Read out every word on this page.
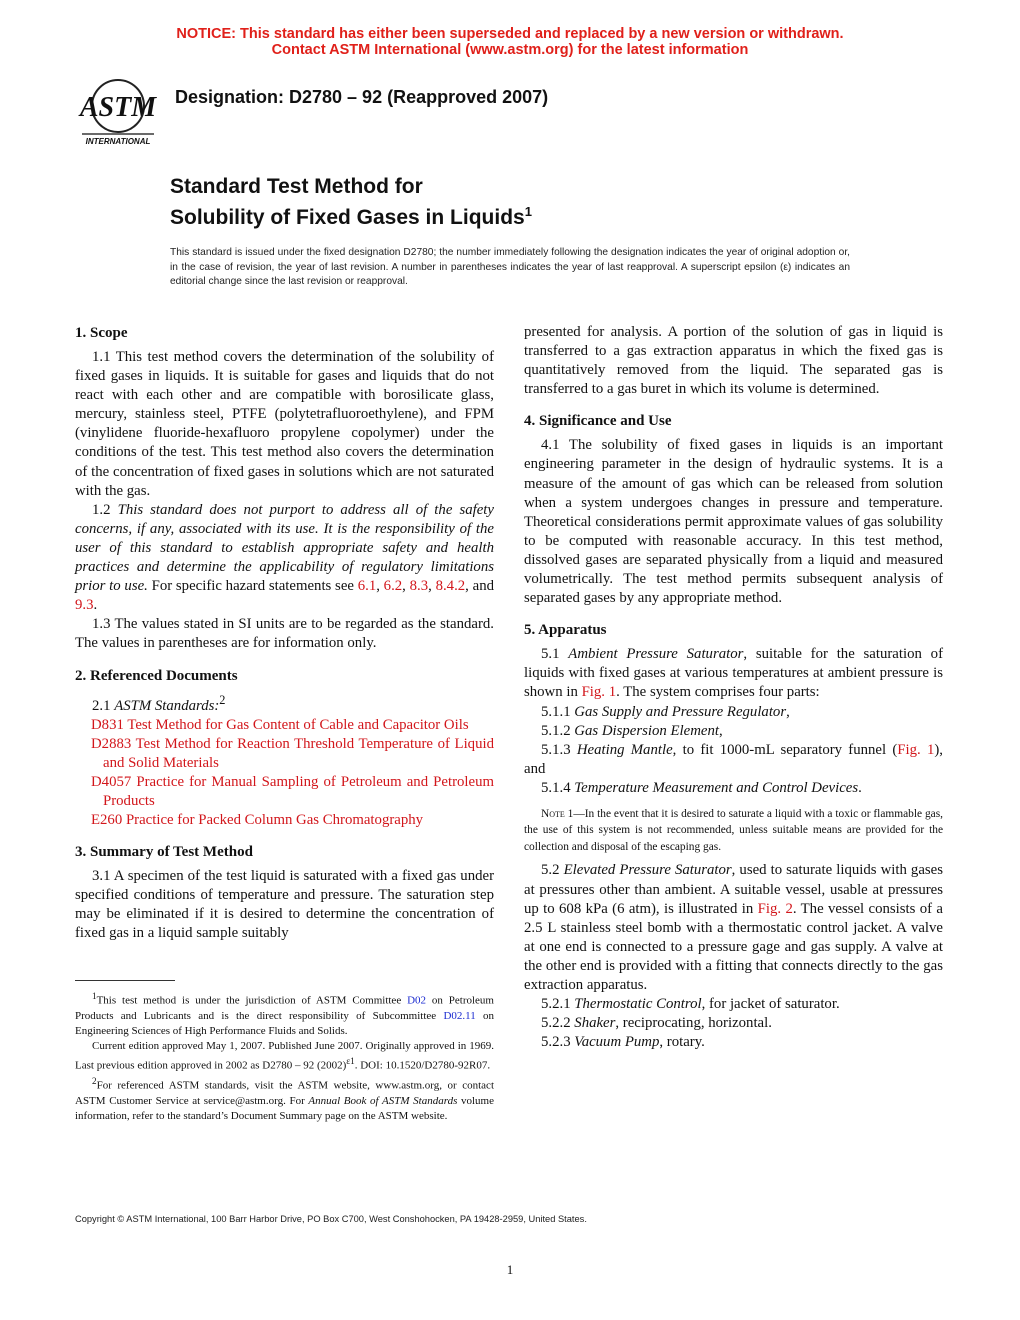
NOTICE: This standard has either been superseded and replaced by a new version or withdrawn.
Contact ASTM International (www.astm.org) for the latest information
ASTM
INTERNATIONAL
Designation: D2780 – 92 (Reapproved 2007)
Standard Test Method for
Solubility of Fixed Gases in Liquids$^1$
This standard is issued under the fixed designation D2780; the number immediately following the designation indicates the year of original adoption or, in the case of revision, the year of last revision. A number in parentheses indicates the year of last reapproval. A superscript epsilon (ε) indicates an editorial change since the last revision or reapproval.
1. Scope

1.1 This test method covers the determination of the solubility of fixed gases in liquids. It is suitable for gases and liquids that do not react with each other and are compatible with borosilicate glass, mercury, stainless steel, PTFE (polytetrafluoroethylene), and FPM (vinylidene fluoride-hexafluoro propylene copolymer) under the conditions of the test. This test method also covers the determination of the concentration of fixed gases in solutions which are not saturated with the gas.

1.2 This standard does not purport to address all of the safety concerns, if any, associated with its use. It is the responsibility of the user of this standard to establish appropriate safety and health practices and determine the applicability of regulatory limitations prior to use. For specific hazard statements see 6.1, 6.2, 8.3, 8.4.2, and 9.3.

1.3 The values stated in SI units are to be regarded as the standard. The values in parentheses are for information only.

2. Referenced Documents

2.1 ASTM Standards:$^2$

D831 Test Method for Gas Content of Cable and Capacitor Oils

D2883 Test Method for Reaction Threshold Temperature of Liquid and Solid Materials

D4057 Practice for Manual Sampling of Petroleum and Petroleum Products

E260 Practice for Packed Column Gas Chromatography

3. Summary of Test Method

3.1 A specimen of the test liquid is saturated with a fixed gas under specified conditions of temperature and pressure. The saturation step may be eliminated if it is desired to determine the concentration of fixed gas in a liquid sample suitably

$^1$This test method is under the jurisdiction of ASTM Committee D02 on Petroleum Products and Lubricants and is the direct responsibility of Subcommittee D02.11 on Engineering Sciences of High Performance Fluids and Solids.

Current edition approved May 1, 2007. Published June 2007. Originally approved in 1969. Last previous edition approved in 2002 as D2780 – 92 $(2002)^{\varepsilon 1}$. DOI: 10.1520/D2780-92R07.

$^2$For referenced ASTM standards, visit the ASTM website, www.astm.org, or contact ASTM Customer Service at service@astm.org. For Annual Book of ASTM Standards volume information, refer to the standard’s Document Summary page on the ASTM website.

presented for analysis. A portion of the solution of gas in liquid is transferred to a gas extraction apparatus in which the fixed gas is quantitatively removed from the liquid. The separated gas is transferred to a gas buret in which its volume is determined.

4. Significance and Use

4.1 The solubility of fixed gases in liquids is an important engineering parameter in the design of hydraulic systems. It is a measure of the amount of gas which can be released from solution when a system undergoes changes in pressure and temperature. Theoretical considerations permit approximate values of gas solubility to be computed with reasonable accuracy. In this test method, dissolved gases are separated physically from a liquid and measured volumetrically. The test method permits subsequent analysis of separated gases by any appropriate method.

5. Apparatus

5.1 Ambient Pressure Saturator, suitable for the saturation of liquids with fixed gases at various temperatures at ambient pressure is shown in Fig. 1. The system comprises four parts:

5.1.1 Gas Supply and Pressure Regulator,

5.1.2 Gas Dispersion Element,

5.1.3 Heating Mantle, to fit 1000-mL separatory funnel (Fig. 1), and

5.1.4 Temperature Measurement and Control Devices.

Note 1—In the event that it is desired to saturate a liquid with a toxic or flammable gas, the use of this system is not recommended, unless suitable means are provided for the collection and disposal of the escaping gas.

5.2 Elevated Pressure Saturator, used to saturate liquids with gases at pressures other than ambient. A suitable vessel, usable at pressures up to 608 kPa (6 atm), is illustrated in Fig. 2. The vessel consists of a 2.5 L stainless steel bomb with a thermostatic control jacket. A valve at one end is connected to a pressure gage and gas supply. A valve at the other end is provided with a fitting that connects directly to the gas extraction apparatus.

5.2.1 Thermostatic Control, for jacket of saturator.

5.2.2 Shaker, reciprocating, horizontal.

5.2.3 Vacuum Pump, rotary.

Copyright © ASTM International, 100 Barr Harbor Drive, PO Box C700, West Conshohocken, PA 19428-2959, United States.
1
